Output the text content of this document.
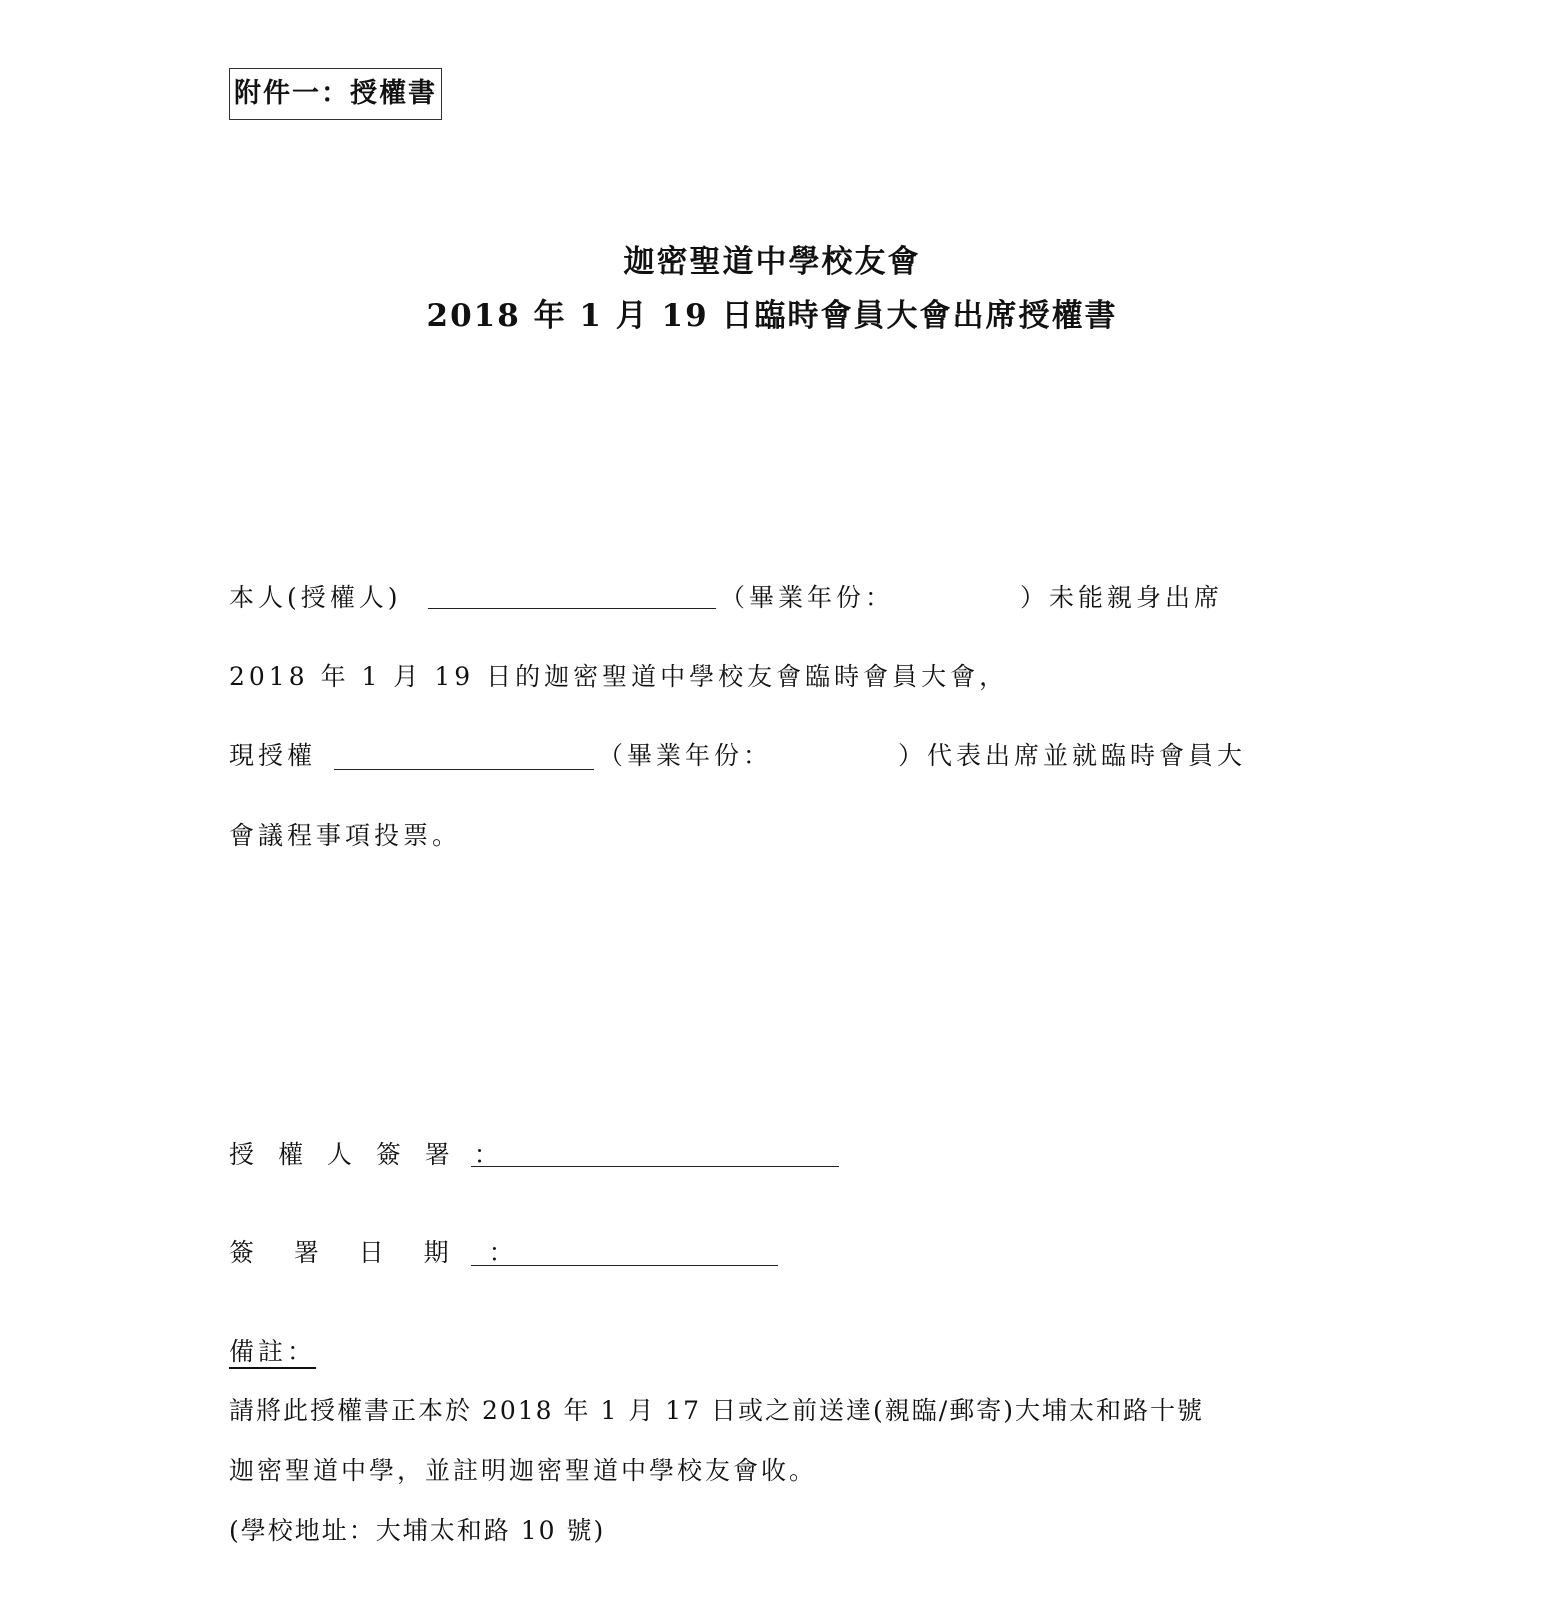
附件一：授權書
迦密聖道中學校友會
2018 年 1 月 19 日臨時會員大會出席授權書
本人(授權人)	（畢業年份：	）未能親身出席
2018 年 1 月 19 日的迦密聖道中學校友會臨時會員大會，
現授權	（畢業年份：	）代表出席並就臨時會員大
會議程事項投票。
授 權 人 簽 署 ：
簽  署  日  期  ：
備註：
請將此授權書正本於 2018 年 1 月 17 日或之前送達(親臨/郵寄)大埔太和路十號
迦密聖道中學，並註明迦密聖道中學校友會收。
(學校地址：大埔太和路 10 號)
